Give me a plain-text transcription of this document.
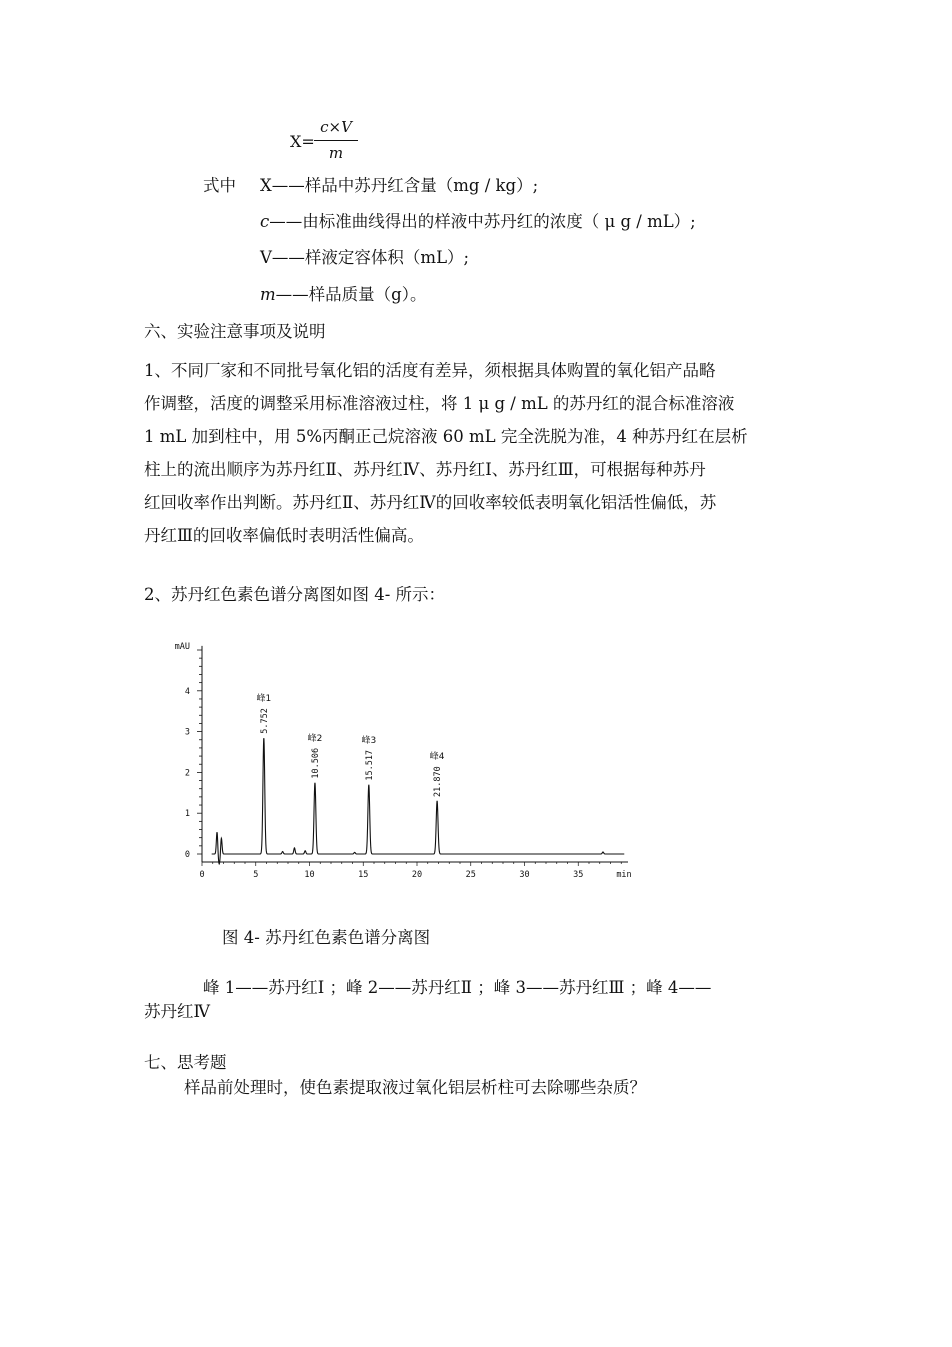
X=
c×V
m
式中 X——样品中苏丹红含量（mg / kg）;
c——由标准曲线得出的样液中苏丹红的浓度（ μ g / mL）;
V——样液定容体积（mL）;
m——样品质量（g）。
六、实验注意事项及说明

1、不同厂家和不同批号氧化铝的活度有差异，须根据具体购置的氧化铝产品略

作调整，活度的调整采用标准溶液过柱，将 1 μ g / mL 的苏丹红的混合标准溶液

1 mL 加到柱中，用 5%丙酮正己烷溶液 60 mL 完全洗脱为准，4 种苏丹红在层析

柱上的流出顺序为苏丹红Ⅱ、苏丹红Ⅳ、苏丹红Ⅰ、苏丹红Ⅲ，可根据每种苏丹

红回收率作出判断。苏丹红Ⅱ、苏丹红Ⅳ的回收率较低表明氧化铝活性偏低，苏

丹红Ⅲ的回收率偏低时表明活性偏高。

2、苏丹红色素色谱分离图如图 4- 所示：
0
1
2
3
4
mAU
0	5	10	15	20	25	30	35	min
5.752
峰1
10.506
峰2
15.517
峰3
21.870
峰4
图 4- 苏丹红色素色谱分离图
峰 1——苏丹红Ⅰ ；峰 2——苏丹红Ⅱ ；峰 3——苏丹红Ⅲ ；峰 4——
苏丹红Ⅳ
七、思考题
样品前处理时，使色素提取液过氧化铝层析柱可去除哪些杂质？
